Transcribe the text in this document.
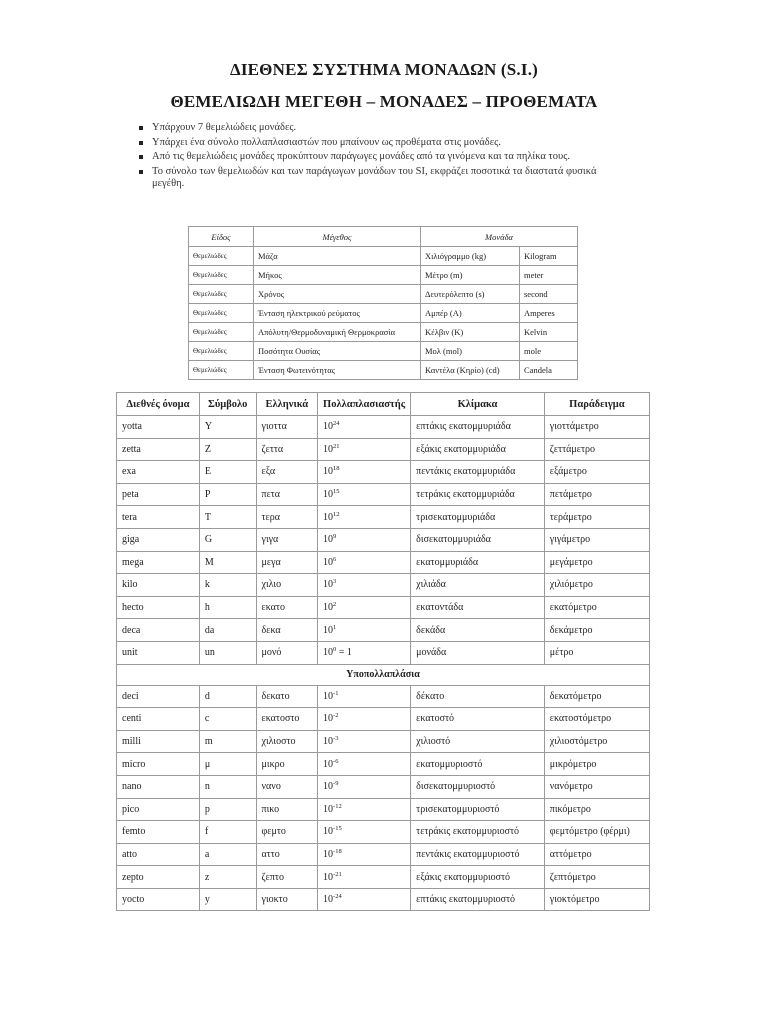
ΔΙΕΘΝΕΣ ΣΥΣΤΗΜΑ ΜΟΝΑΔΩΝ (S.I.)
ΘΕΜΕΛΙΩΔΗ ΜΕΓΕΘΗ – ΜΟΝΑΔΕΣ – ΠΡΟΘΕΜΑΤΑ
Υπάρχουν 7 θεμελιώδεις μονάδες.
Υπάρχει ένα σύνολο πολλαπλασιαστών που μπαίνουν ως προθέματα στις μονάδες.
Από τις θεμελιώδεις μονάδες προκύπτουν παράγωγες μονάδες από τα γινόμενα και τα πηλίκα τους.
Το σύνολο των θεμελιωδών και των παράγωγων μονάδων του SI, εκφράζει ποσοτικά τα διαστατά φυσικά μεγέθη.
Είδος	Μέγεθος	Μονάδα	
Θεμελιώδες	Μάζα	Χιλιόγραμμο (kg)	Kilogram
Θεμελιώδες	Μήκος	Μέτρο (m)	meter
Θεμελιώδες	Χρόνος	Δευτερόλεπτο (s)	second
Θεμελιώδες	Ένταση ηλεκτρικού ρεύματος	Αμπέρ (A)	Amperes
Θεμελιώδες	Απόλυτη/Θερμοδυναμική Θερμοκρασία	Κέλβιν (K)	Kelvin
Θεμελιώδες	Ποσότητα Ουσίας	Μολ (mol)	mole
Θεμελιώδες	Ένταση Φωτεινότητας	Καντέλα (Κηρίο) (cd)	Candela
Διεθνές όνομα	Σύμβολο	Ελληνικά	Πολλαπλασιαστής	Κλίμακα	Παράδειγμα
yotta	Y	γιοττα	$10^{24}$	επτάκις εκατομμυριάδα	γιοττάμετρο
zetta	Z	ζεττα	$10^{21}$	εξάκις εκατομμυριάδα	ζεττάμετρο
exa	E	εξα	$10^{18}$	πεντάκις εκατομμυριάδα	εξάμετρο
peta	P	πετα	$10^{15}$	τετράκις εκατομμυριάδα	πετάμετρο
tera	T	τερα	$10^{12}$	τρισεκατομμυριάδα	τεράμετρο
giga	G	γιγα	$10^9$	δισεκατομμυριάδα	γιγάμετρο
mega	M	μεγα	$10^6$	εκατομμυριάδα	μεγάμετρο
kilo	k	χιλιο	$10^3$	χιλιάδα	χιλιόμετρο
hecto	h	εκατο	$10^2$	εκατοντάδα	εκατόμετρο
deca	da	δεκα	$10^1$	δεκάδα	δεκάμετρο
unit	un	μονό	$10^0 = 1$	μονάδα	μέτρο
Υποπολλαπλάσια					
deci	d	δεκατο	$10^{-1}$	δέκατο	δεκατόμετρο
centi	c	εκατοστο	$10^{-2}$	εκατοστό	εκατοστόμετρο
milli	m	χιλιοστο	$10^{-3}$	χιλιοστό	χιλιοστόμετρο
micro	μ	μικρο	$10^{-6}$	εκατομμυριοστό	μικρόμετρο
nano	n	νανο	$10^{-9}$	δισεκατομμυριοστό	νανόμετρο
pico	p	πικο	$10^{-12}$	τρισεκατομμυριοστό	πικόμετρο
femto	f	φεμτο	$10^{-15}$	τετράκις εκατομμυριοστό	φεμτόμετρο (φέρμι)
atto	a	αττο	$10^{-18}$	πεντάκις εκατομμυριοστό	αττόμετρο
zepto	z	ζεπτο	$10^{-21}$	εξάκις εκατομμυριοστό	ζεπτόμετρο
yocto	y	γιοκτο	$10^{-24}$	επτάκις εκατομμυριοστό	γιοκτόμετρο
